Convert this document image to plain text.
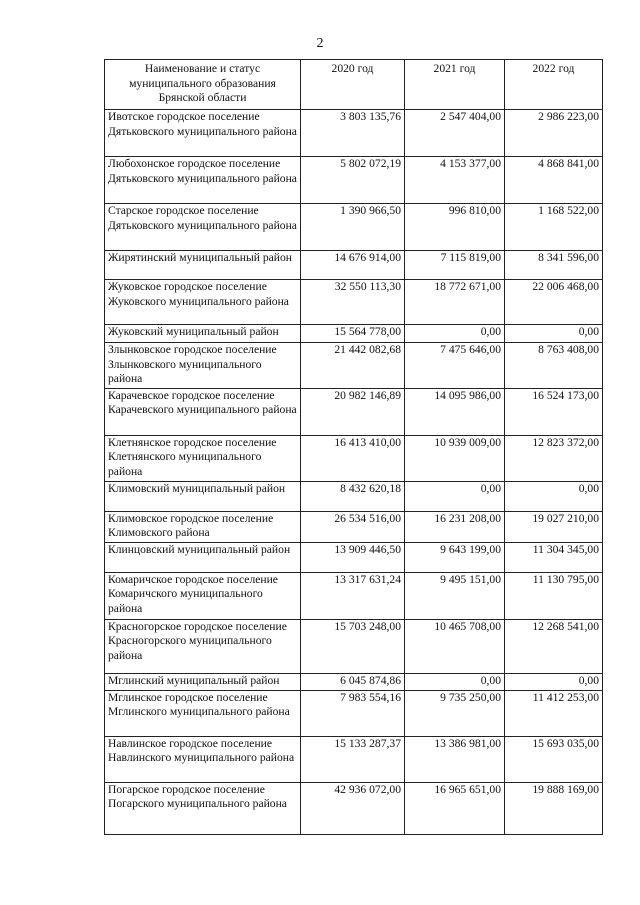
2
Наименование и статус муниципального образования Брянской области	2020 год	2021 год	2022 год
Ивотское городское поселение Дятьковского муниципального района	3 803 135,76	2 547 404,00	2 986 223,00
Любохонское городское поселение Дятьковского муниципального района	5 802 072,19	4 153 377,00	4 868 841,00
Старское городское поселение Дятьковского муниципального района	1 390 966,50	996 810,00	1 168 522,00
Жирятинский муниципальный район	14 676 914,00	7 115 819,00	8 341 596,00
Жуковское городское поселение Жуковского муниципального района	32 550 113,30	18 772 671,00	22 006 468,00
Жуковский муниципальный район	15 564 778,00	0,00	0,00
Злынковское городское поселение Злынковского муниципального района	21 442 082,68	7 475 646,00	8 763 408,00
Карачевское городское поселение Карачевского муниципального района	20 982 146,89	14 095 986,00	16 524 173,00
Клетнянское городское поселение Клетнянского муниципального района	16 413 410,00	10 939 009,00	12 823 372,00
Климовский муниципальный район	8 432 620,18	0,00	0,00
Климовское городское поселение Климовского района	26 534 516,00	16 231 208,00	19 027 210,00
Клинцовский муниципальный район	13 909 446,50	9 643 199,00	11 304 345,00
Комаричское городское поселение Комаричского муниципального района	13 317 631,24	9 495 151,00	11 130 795,00
Красногорское городское поселение Красногорского муниципального района	15 703 248,00	10 465 708,00	12 268 541,00
Мглинский муниципальный район	6 045 874,86	0,00	0,00
Мглинское городское поселение Мглинского муниципального района	7 983 554,16	9 735 250,00	11 412 253,00
Навлинское городское поселение Навлинского муниципального района	15 133 287,37	13 386 981,00	15 693 035,00
Погарское городское поселение Погарского муниципального района	42 936 072,00	16 965 651,00	19 888 169,00
